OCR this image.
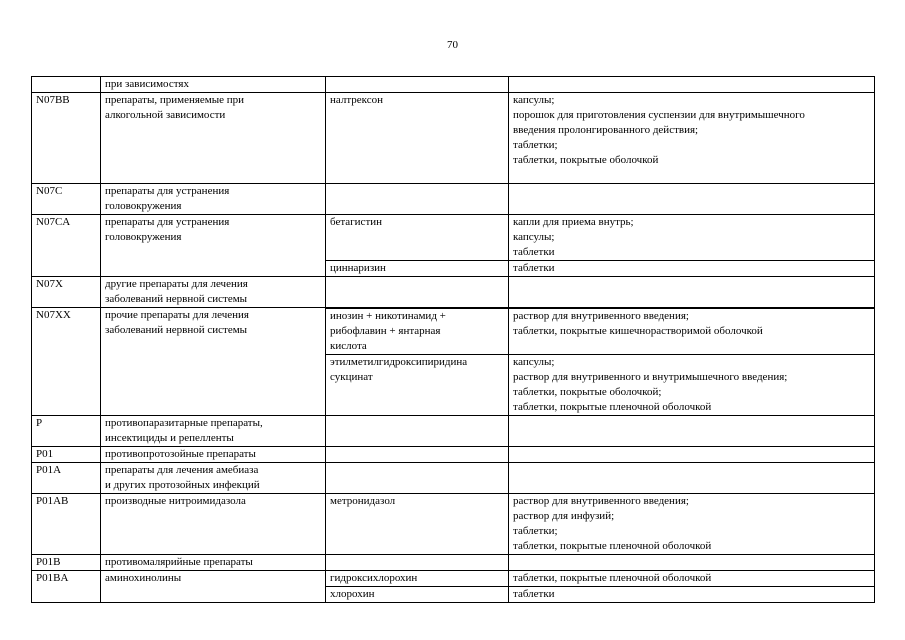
70

	при зависимостях		

N07BB	препараты, применяемые при
алкогольной зависимости	налтрексон	капсулы;
порошок для приготовления суспензии для внутримышечного
введения пролонгированного действия;
таблетки;
таблетки, покрытые оболочкой

N07C	препараты для устранения
головокружения		

N07CA	препараты для устранения
головокружения	бетагистин	капли для приема внутрь;
капсулы;
таблетки

		циннаризин	таблетки

N07X	другие препараты для лечения
заболеваний нервной системы		

N07XX	прочие препараты для лечения
заболеваний нервной системы		

		инозин + никотинамид +
рибофлавин + янтарная
кислота	раствор для внутривенного введения;
таблетки, покрытые кишечнорастворимой оболочкой

		этилметилгидроксипиридина
сукцинат	капсулы;
раствор для внутривенного и внутримышечного введения;
таблетки, покрытые оболочкой;
таблетки, покрытые пленочной оболочкой

P	противопаразитарные препараты,
инсектициды и репелленты		

P01	противопротозойные препараты		

P01A	препараты для лечения амебиаза
и других протозойных инфекций		

P01AB	производные нитроимидазола	метронидазол	раствор для внутривенного введения;
раствор для инфузий;
таблетки;
таблетки, покрытые пленочной оболочкой

P01B	противомалярийные препараты		

P01BA	аминохинолины	гидроксихлорохин	таблетки, покрытые пленочной оболочкой

		хлорохин	таблетки
